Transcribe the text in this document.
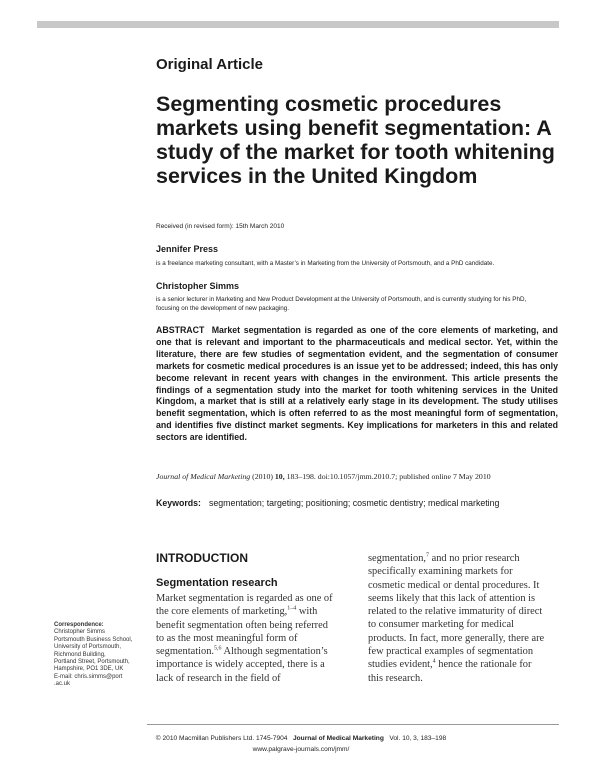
Original Article
Segmenting cosmetic procedures markets using benefit segmentation: A study of the market for tooth whitening services in the United Kingdom
Received (in revised form): 15th March 2010
Jennifer Press
is a freelance marketing consultant, with a Master’s in Marketing from the University of Portsmouth, and a PhD candidate.
Christopher Simms
is a senior lecturer in Marketing and New Product Development at the University of Portsmouth, and is currently studying for his PhD, focusing on the development of new packaging.

ABSTRACT Market segmentation is regarded as one of the core elements of marketing, and one that is relevant and important to the pharmaceuticals and medical sector. Yet, within the literature, there are few studies of segmentation evident, and the segmentation of consumer markets for cosmetic medical procedures is an issue yet to be addressed; indeed, this has only become relevant in recent years with changes in the environment. This article presents the findings of a segmentation study into the market for tooth whitening services in the United Kingdom, a market that is still at a relatively early stage in its development. The study utilises benefit segmentation, which is often referred to as the most meaningful form of segmentation, and identifies five distinct market segments. Key implications for marketers in this and related sectors are identified.

Journal of Medical Marketing (2010) 10, 183–198. doi:10.1057/jmm.2010.7; published online 7 May 2010
Keywords: segmentation; targeting; positioning; cosmetic dentistry; medical marketing
INTRODUCTION
Segmentation research
Market segmentation is regarded as one of
the core elements of marketing,$^{1-4}$ with
benefit segmentation often being referred
to as the most meaningful form of
segmentation.$^{5,6}$ Although segmentation’s
importance is widely accepted, there is a
lack of research in the field of
segmentation,$^7$ and no prior research
specifically examining markets for
cosmetic medical or dental procedures. It
seems likely that this lack of attention is
related to the relative immaturity of direct
to consumer marketing for medical
products. In fact, more generally, there are
few practical examples of segmentation
studies evident,$^4$ hence the rationale for
this research.
Correspondence:
Christopher Simms
Portsmouth Business School,
University of Portsmouth,
Richmond Building,
Portland Street, Portsmouth,
Hampshire, PO1 3DE, UK
E-mail: chris.simms@port
.ac.uk
© 2010 Macmillan Publishers Ltd. 1745-7904 Journal of Medical Marketing Vol. 10, 3, 183–198
www.palgrave-journals.com/jmm/
